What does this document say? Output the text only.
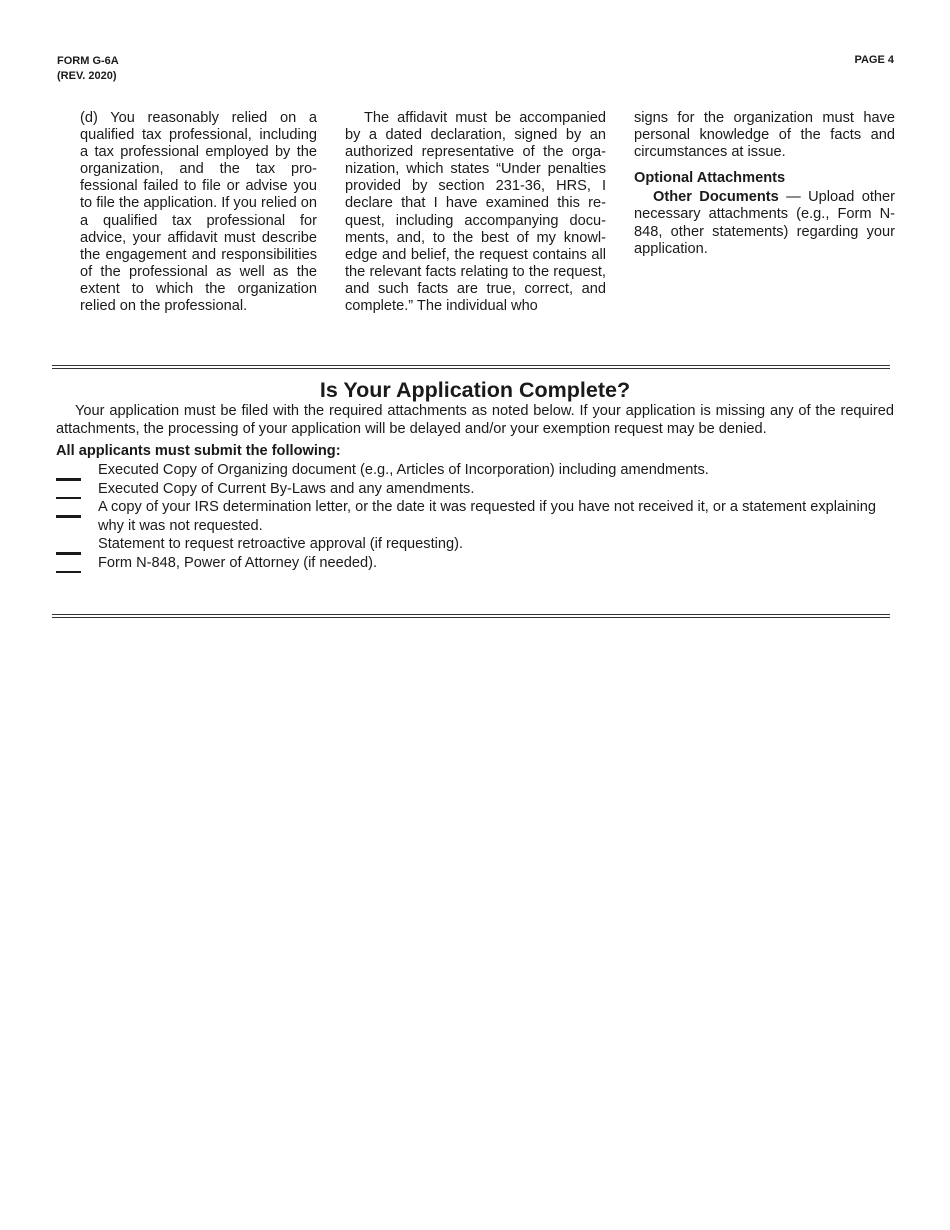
FORM G-6A
(REV. 2020)
PAGE 4

(d) You reasonably relied on a qualified tax professional, including a tax professional employed by the organization, and the tax professional failed to file or advise you to file the application. If you relied on a qualified tax professional for advice, your affidavit must describe the engagement and responsibilities of the professional as well as the extent to which the organization relied on the professional.

The affidavit must be accompanied by a dated declaration, signed by an authorized representative of the organization, which states “Under penalties provided by section 231-36, HRS, I declare that I have examined this request, including accompanying documents, and, to the best of my knowledge and belief, the request contains all the relevant facts relating to the request, and such facts are true, correct, and complete.” The individual who

signs for the organization must have personal knowledge of the facts and circumstances at issue.

Optional Attachments

Other Documents — Upload other necessary attachments (e.g., Form N-848, other statements) regarding your application.

Is Your Application Complete?

Your application must be filed with the required attachments as noted below. If your application is missing any of the required attachments, the processing of your application will be delayed and/or your exemption request may be denied.

All applicants must submit the following:

Executed Copy of Organizing document (e.g., Articles of Incorporation) including amendments.
Executed Copy of Current By-Laws and any amendments.
A copy of your IRS determination letter, or the date it was requested if you have not received it, or a statement explaining why it was not requested.
Statement to request retroactive approval (if requesting).
Form N-848, Power of Attorney (if needed).
